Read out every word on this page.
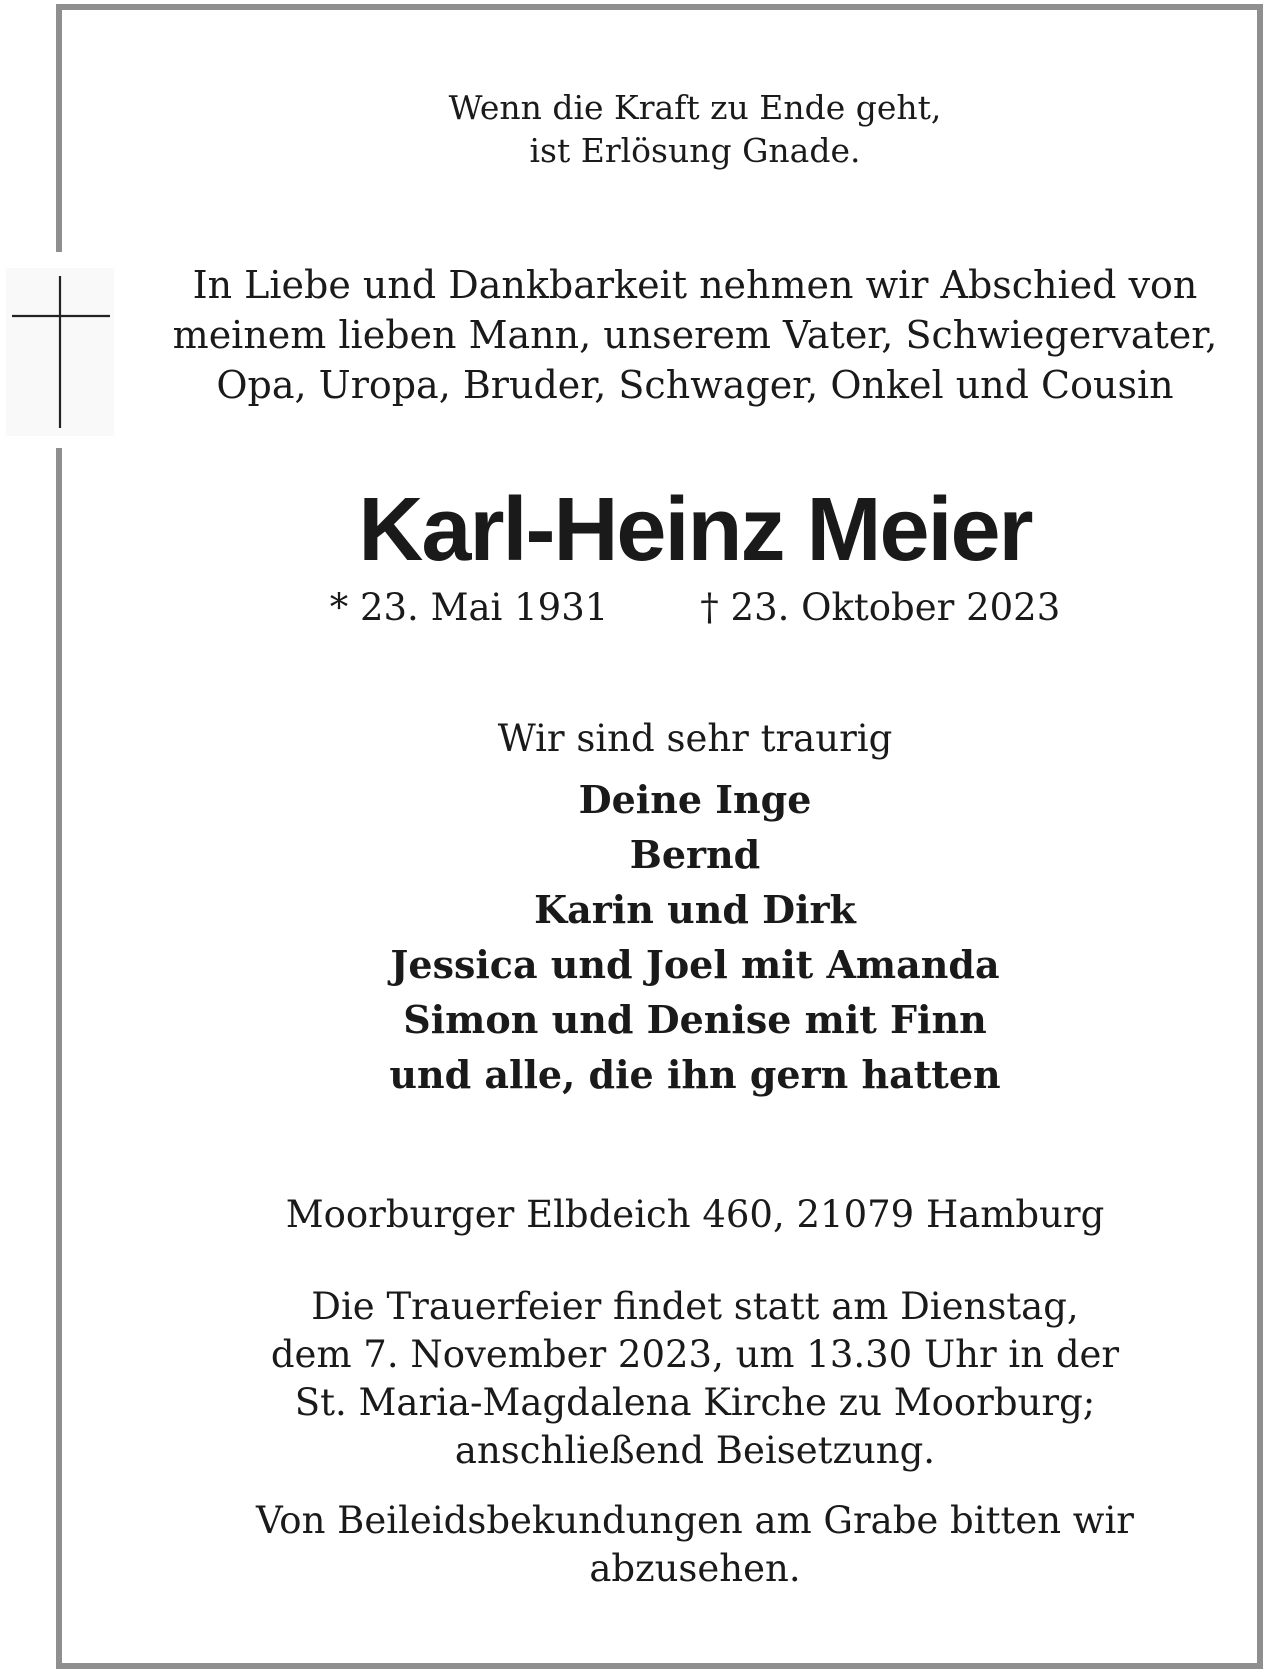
Wenn die Kraft zu Ende geht,
ist Erlösung Gnade.

In Liebe und Dankbarkeit nehmen wir Abschied von
meinem lieben Mann, unserem Vater, Schwiegervater,
Opa, Uropa, Bruder, Schwager, Onkel und Cousin

Karl-Heinz Meier

* 23. Mai 1931 † 23. Oktober 2023

Wir sind sehr traurig

Deine Inge
Bernd
Karin und Dirk
Jessica und Joel mit Amanda
Simon und Denise mit Finn
und alle, die ihn gern hatten

Moorburger Elbdeich 460, 21079 Hamburg

Die Trauerfeier findet statt am Dienstag,
dem 7. November 2023, um 13.30 Uhr in der
St. Maria-Magdalena Kirche zu Moorburg;
anschließend Beisetzung.

Von Beileidsbekundungen am Grabe bitten wir
abzusehen.
